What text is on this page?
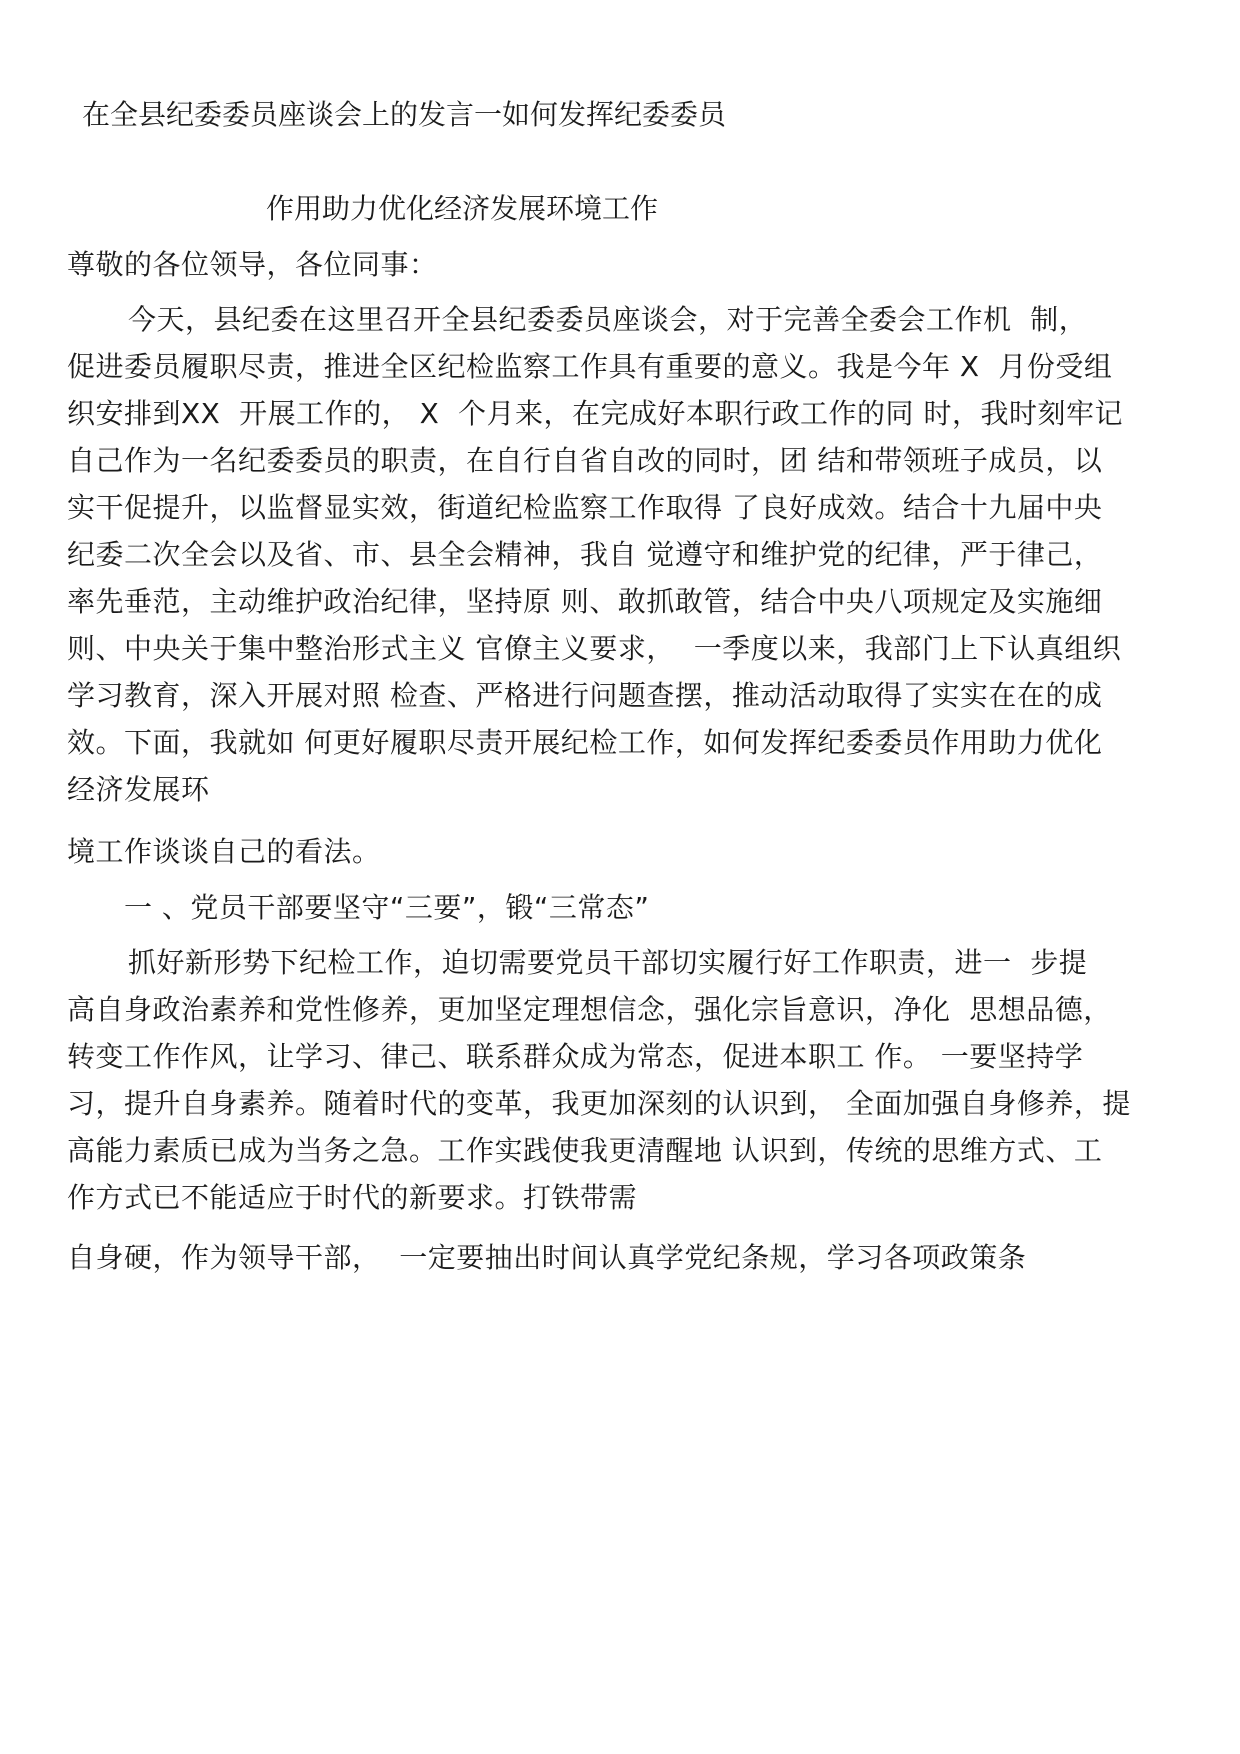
在全县纪委委员座谈会上的发言一如何发挥纪委委员
作用助力优化经济发展环境工作
尊敬的各位领导，各位同事：
今天，县纪委在这里召开全县纪委委员座谈会，对于完善全委会工作机  制，
促进委员履职尽责，推进全区纪检监察工作具有重要的意义。我是今年 X  月份受组
织安排到XX  开展工作的， X  个月来，在完成好本职行政工作的同 时，我时刻牢记
自己作为一名纪委委员的职责，在自行自省自改的同时，团 结和带领班子成员，以
实干促提升，以监督显实效，街道纪检监察工作取得 了良好成效。结合十九届中央
纪委二次全会以及省、市、县全会精神，我自 觉遵守和维护党的纪律，严于律己，
率先垂范，主动维护政治纪律，坚持原 则、敢抓敢管，结合中央八项规定及实施细
则、中央关于集中整治形式主义 官僚主义要求，  一季度以来，我部门上下认真组织
学习教育，深入开展对照 检查、严格进行问题查摆，推动活动取得了实实在在的成
效。下面，我就如 何更好履职尽责开展纪检工作，如何发挥纪委委员作用助力优化
经济发展环
境工作谈谈自己的看法。
一 、党员干部要坚守“三要”，锻“三常态”
抓好新形势下纪检工作，迫切需要党员干部切实履行好工作职责，进一  步提
高自身政治素养和党性修养，更加坚定理想信念，强化宗旨意识，净化  思想品德，
转变工作作风，让学习、律己、联系群众成为常态，促进本职工 作。 一要坚持学
习，提升自身素养。随着时代的变革，我更加深刻的认识到， 全面加强自身修养，提
高能力素质已成为当务之急。工作实践使我更清醒地 认识到，传统的思维方式、工
作方式已不能适应于时代的新要求。打铁带需
自身硬，作为领导干部，  一定要抽出时间认真学党纪条规，学习各项政策条
